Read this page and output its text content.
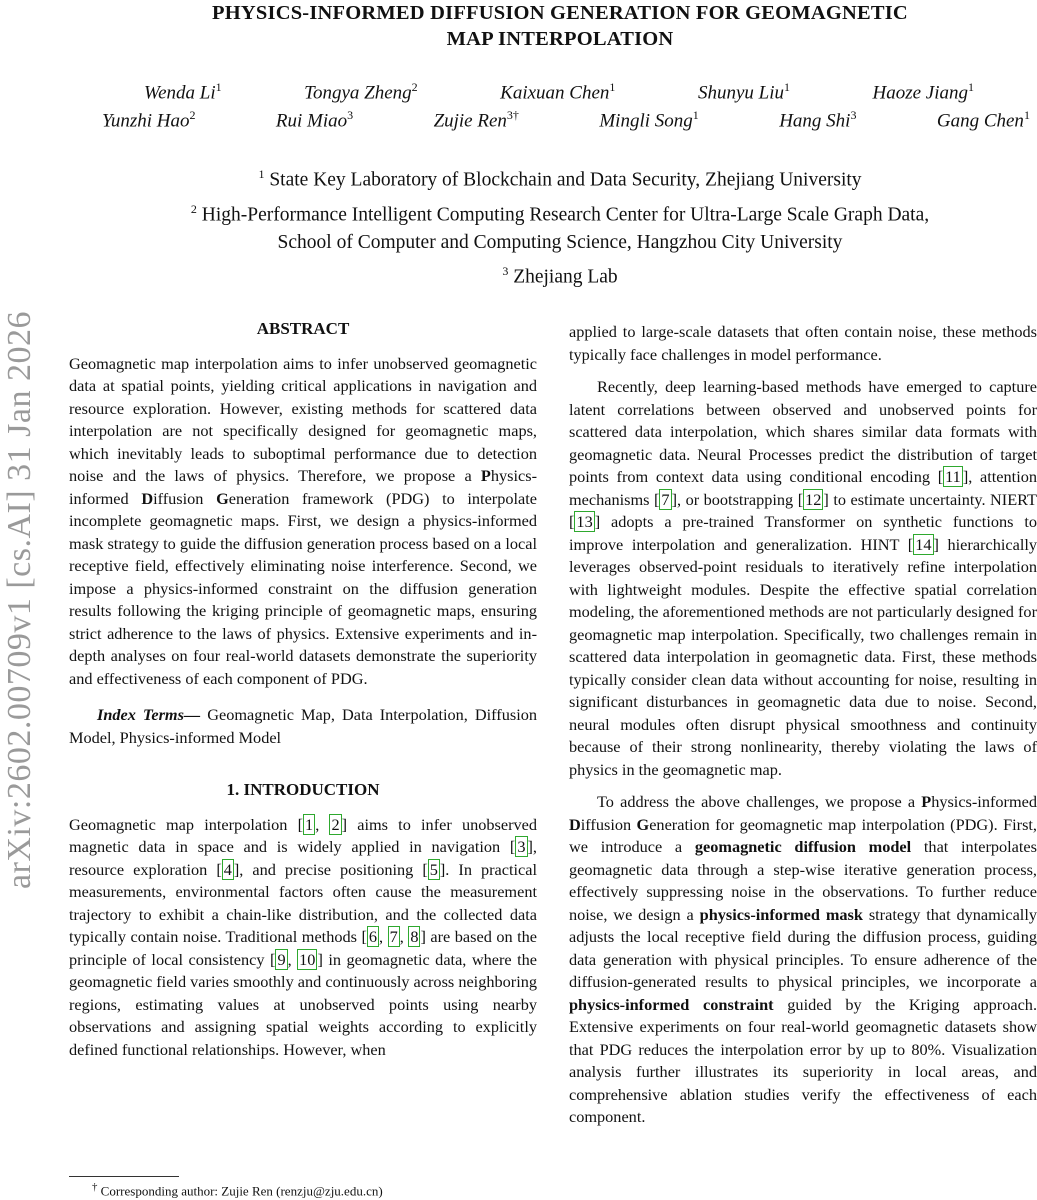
arXiv:2602.00709v1 [cs.AI] 31 Jan 2026
PHYSICS-INFORMED DIFFUSION GENERATION FOR GEOMAGNETIC
MAP INTERPOLATION
Wenda Li$^1$	Tongya Zheng$^2$	Kaixuan Chen$^1$	Shunyu Liu$^1$	Haoze Jiang$^1$
Yunzhi Hao$^2$	Rui Miao$^3$	Zujie Ren$^{3\dagger}$	Mingli Song$^1$	Hang Shi$^3$	Gang Chen$^1$
$^1$ State Key Laboratory of Blockchain and Data Security, Zhejiang University
$^2$ High-Performance Intelligent Computing Research Center for Ultra-Large Scale Graph Data,
School of Computer and Computing Science, Hangzhou City University
$^3$ Zhejiang Lab
ABSTRACT

Geomagnetic map interpolation aims to infer unobserved geomagnetic data at spatial points, yielding critical applications in navigation and resource exploration. However, existing methods for scattered data interpolation are not specifically designed for geomagnetic maps, which inevitably leads to suboptimal performance due to detection noise and the laws of physics. Therefore, we propose a Physics-informed Diffusion Generation framework (PDG) to interpolate incomplete geomagnetic maps. First, we design a physics-informed mask strategy to guide the diffusion generation process based on a local receptive field, effectively eliminating noise interference. Second, we impose a physics-informed constraint on the diffusion generation results following the kriging principle of geomagnetic maps, ensuring strict adherence to the laws of physics. Extensive experiments and in-depth analyses on four real-world datasets demonstrate the superiority and effectiveness of each component of PDG.

Index Terms— Geomagnetic Map, Data Interpolation, Diffusion Model, Physics-informed Model

1. INTRODUCTION

Geomagnetic map interpolation [ 1 , 2 ] aims to infer unobserved magnetic data in space and is widely applied in navigation [ 3 ], resource exploration [ 4 ], and precise positioning [ 5 ]. In practical measurements, environmental factors often cause the measurement trajectory to exhibit a chain-like distribution, and the collected data typically contain noise. Traditional methods [ 6 , 7 , 8 ] are based on the principle of local consistency [ 9 , 10 ] in geomagnetic data, where the geomagnetic field varies smoothly and continuously across neighboring regions, estimating values at unobserved points using nearby observations and assigning spatial weights according to explicitly defined functional relationships. However, when

applied to large-scale datasets that often contain noise, these methods typically face challenges in model performance.

Recently, deep learning-based methods have emerged to capture latent correlations between observed and unobserved points for scattered data interpolation, which shares similar data formats with geomagnetic data. Neural Processes predict the distribution of target points from context data using conditional encoding [ 11 ], attention mechanisms [ 7 ], or bootstrapping [ 12 ] to estimate uncertainty. NIERT [ 13 ] adopts a pre-trained Transformer on synthetic functions to improve interpolation and generalization. HINT [ 14 ] hierarchically leverages observed-point residuals to iteratively refine interpolation with lightweight modules. Despite the effective spatial correlation modeling, the aforementioned methods are not particularly designed for geomagnetic map interpolation. Specifically, two challenges remain in scattered data interpolation in geomagnetic data. First, these methods typically consider clean data without accounting for noise, resulting in significant disturbances in geomagnetic data due to noise. Second, neural modules often disrupt physical smoothness and continuity because of their strong nonlinearity, thereby violating the laws of physics in the geomagnetic map.

To address the above challenges, we propose a Physics-informed Diffusion Generation for geomagnetic map interpolation (PDG). First, we introduce a geomagnetic diffusion model that interpolates geomagnetic data through a step-wise iterative generation process, effectively suppressing noise in the observations. To further reduce noise, we design a physics-informed mask strategy that dynamically adjusts the local receptive field during the diffusion process, guiding data generation with physical principles. To ensure adherence of the diffusion-generated results to physical principles, we incorporate a physics-informed constraint guided by the Kriging approach. Extensive experiments on four real-world geomagnetic datasets show that PDG reduces the interpolation error by up to 80%. Visualization analysis further illustrates its superiority in local areas, and comprehensive ablation studies verify the effectiveness of each component.

† Corresponding author: Zujie Ren (renzju@zju.edu.cn)
